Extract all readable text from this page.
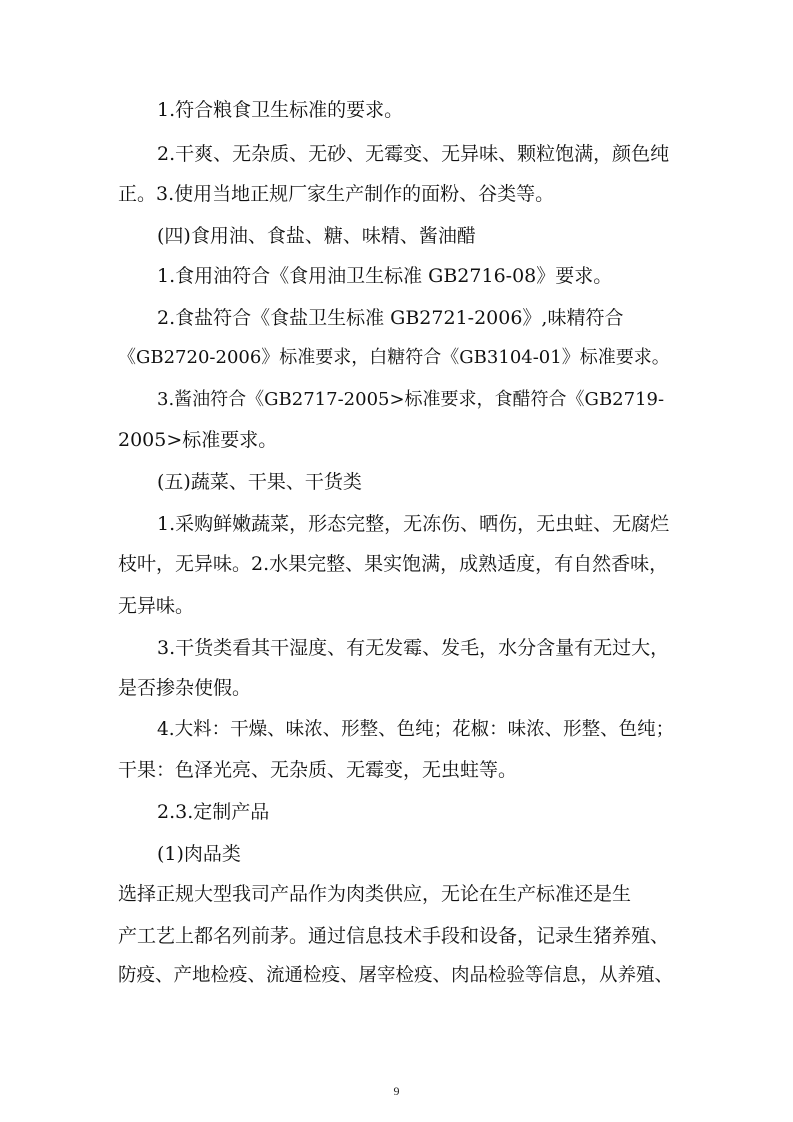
1.符合粮食卫生标准的要求。
2.干爽、无杂质、无砂、无霉变、无异味、颗粒饱满，颜色纯
正。3.使用当地正规厂家生产制作的面粉、谷类等。
(四)食用油、食盐、糖、味精、酱油醋
1.食用油符合《食用油卫生标准 GB2716-08》要求。
2.食盐符合《食盐卫生标准 GB2721-2006》,味精符合
《GB2720-2006》标准要求，白糖符合《GB3104-01》标准要求。
3.酱油符合《GB2717-2005>标准要求，食醋符合《GB2719-
2005>标准要求。
(五)蔬菜、干果、干货类
1.采购鲜嫩蔬菜，形态完整，无冻伤、晒伤，无虫蛀、无腐烂
枝叶，无异味。2.水果完整、果实饱满，成熟适度，有自然香味，
无异味。
3.干货类看其干湿度、有无发霉、发毛，水分含量有无过大，
是否掺杂使假。
4.大料：干燥、味浓、形整、色纯；花椒：味浓、形整、色纯；
干果：色泽光亮、无杂质、无霉变，无虫蛀等。
2.3.定制产品
(1)肉品类
选择正规大型我司产品作为肉类供应，无论在生产标准还是生
产工艺上都名列前茅。通过信息技术手段和设备，记录生猪养殖、
防疫、产地检疫、流通检疫、屠宰检疫、肉品检验等信息，从养殖、
9
